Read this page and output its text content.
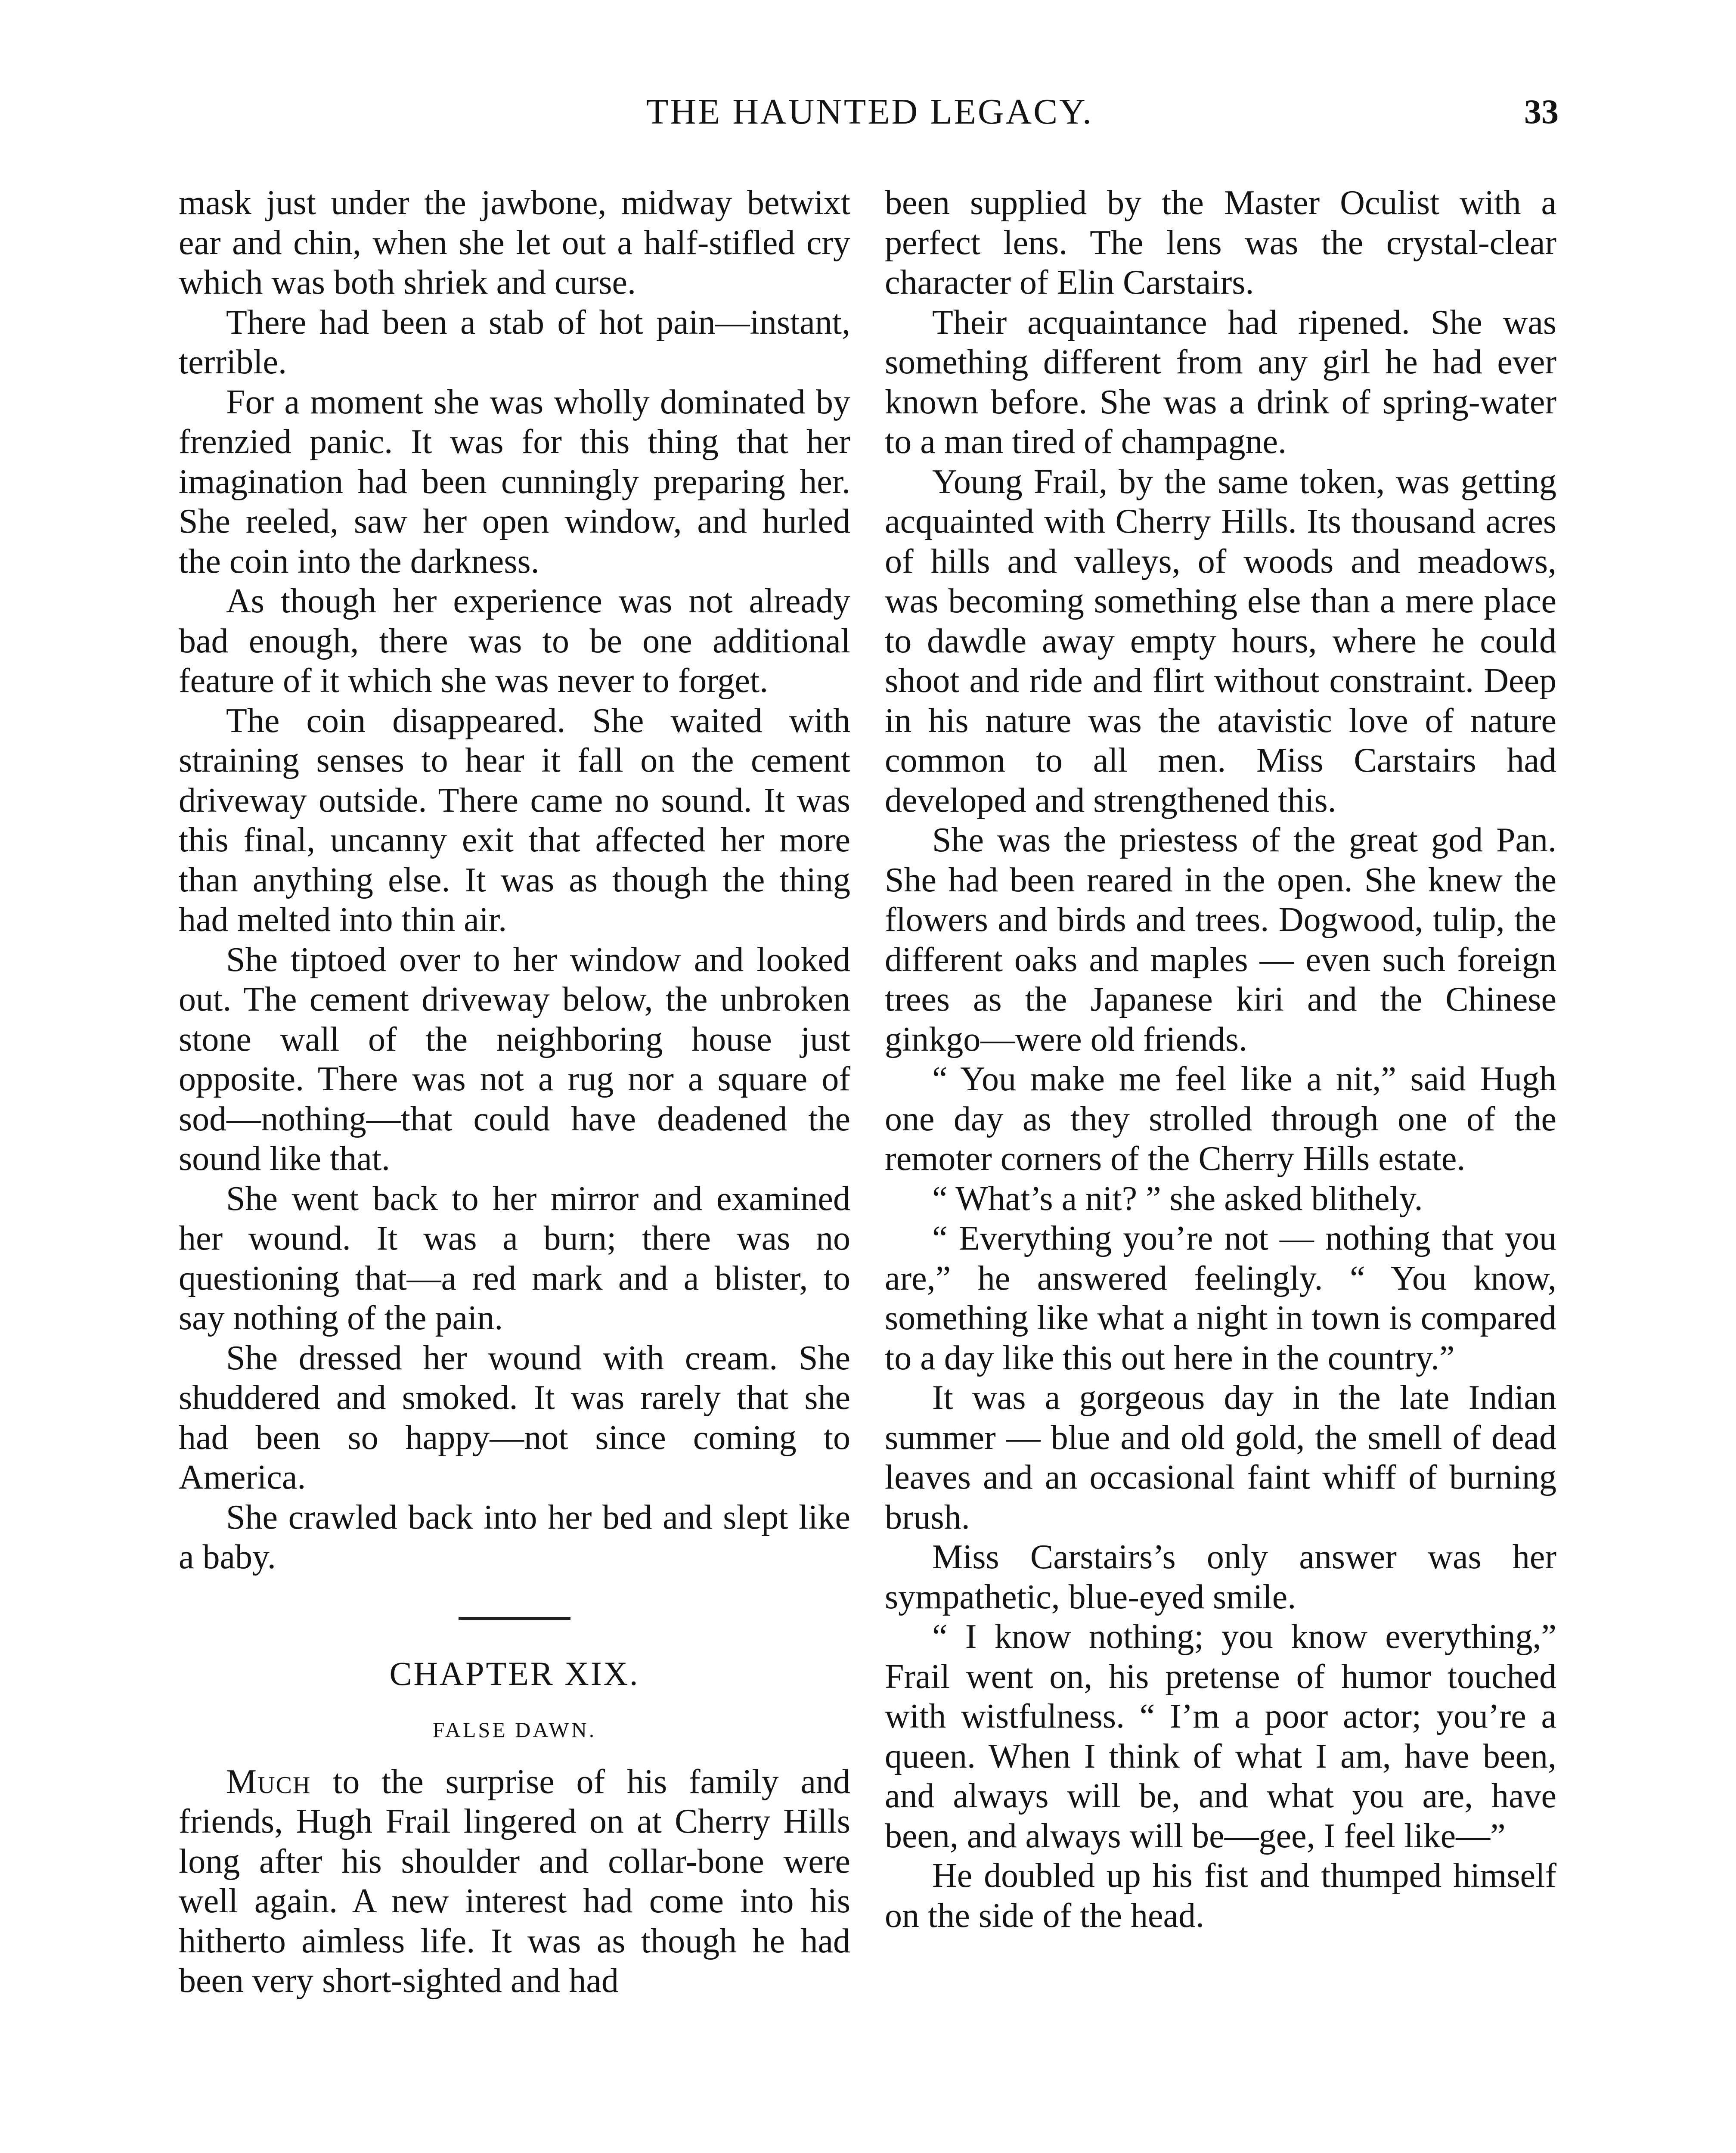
THE HAUNTED LEGACY.	33

mask just under the jawbone, midway betwixt ear and chin, when she let out a half-stifled cry which was both shriek and curse.

There had been a stab of hot pain—instant, terrible.

For a moment she was wholly dominated by frenzied panic. It was for this thing that her imagination had been cunningly preparing her. She reeled, saw her open window, and hurled the coin into the darkness.

As though her experience was not already bad enough, there was to be one additional feature of it which she was never to forget.

The coin disappeared. She waited with straining senses to hear it fall on the cement driveway outside. There came no sound. It was this final, uncanny exit that affected her more than anything else. It was as though the thing had melted into thin air.

She tiptoed over to her window and looked out. The cement driveway below, the unbroken stone wall of the neighboring house just opposite. There was not a rug nor a square of sod—nothing—that could have deadened the sound like that.

She went back to her mirror and examined her wound. It was a burn; there was no questioning that—a red mark and a blister, to say nothing of the pain.

She dressed her wound with cream. She shuddered and smoked. It was rarely that she had been so happy—not since coming to America.

She crawled back into her bed and slept like a baby.

CHAPTER XIX.
FALSE DAWN.

Much to the surprise of his family and friends, Hugh Frail lingered on at Cherry Hills long after his shoulder and collar-bone were well again. A new interest had come into his hitherto aimless life. It was as though he had been very short-sighted and had

been supplied by the Master Oculist with a perfect lens. The lens was the crystal-clear character of Elin Carstairs.

Their acquaintance had ripened. She was something different from any girl he had ever known before. She was a drink of spring-water to a man tired of champagne.

Young Frail, by the same token, was getting acquainted with Cherry Hills. Its thousand acres of hills and valleys, of woods and meadows, was becoming something else than a mere place to dawdle away empty hours, where he could shoot and ride and flirt without constraint. Deep in his nature was the atavistic love of nature common to all men. Miss Carstairs had developed and strengthened this.

She was the priestess of the great god Pan. She had been reared in the open. She knew the flowers and birds and trees. Dogwood, tulip, the different oaks and maples — even such foreign trees as the Japanese kiri and the Chinese ginkgo—were old friends.

“ You make me feel like a nit,” said Hugh one day as they strolled through one of the remoter corners of the Cherry Hills estate.

“ What’s a nit? ” she asked blithely.

“ Everything you’re not — nothing that you are,” he answered feelingly. “ You know, something like what a night in town is compared to a day like this out here in the country.”

It was a gorgeous day in the late Indian summer — blue and old gold, the smell of dead leaves and an occasional faint whiff of burning brush.

Miss Carstairs’s only answer was her sympathetic, blue-eyed smile.

“ I know nothing; you know everything,” Frail went on, his pretense of humor touched with wistfulness. “ I’m a poor actor; you’re a queen. When I think of what I am, have been, and always will be, and what you are, have been, and always will be—gee, I feel like—”

He doubled up his fist and thumped himself on the side of the head.
